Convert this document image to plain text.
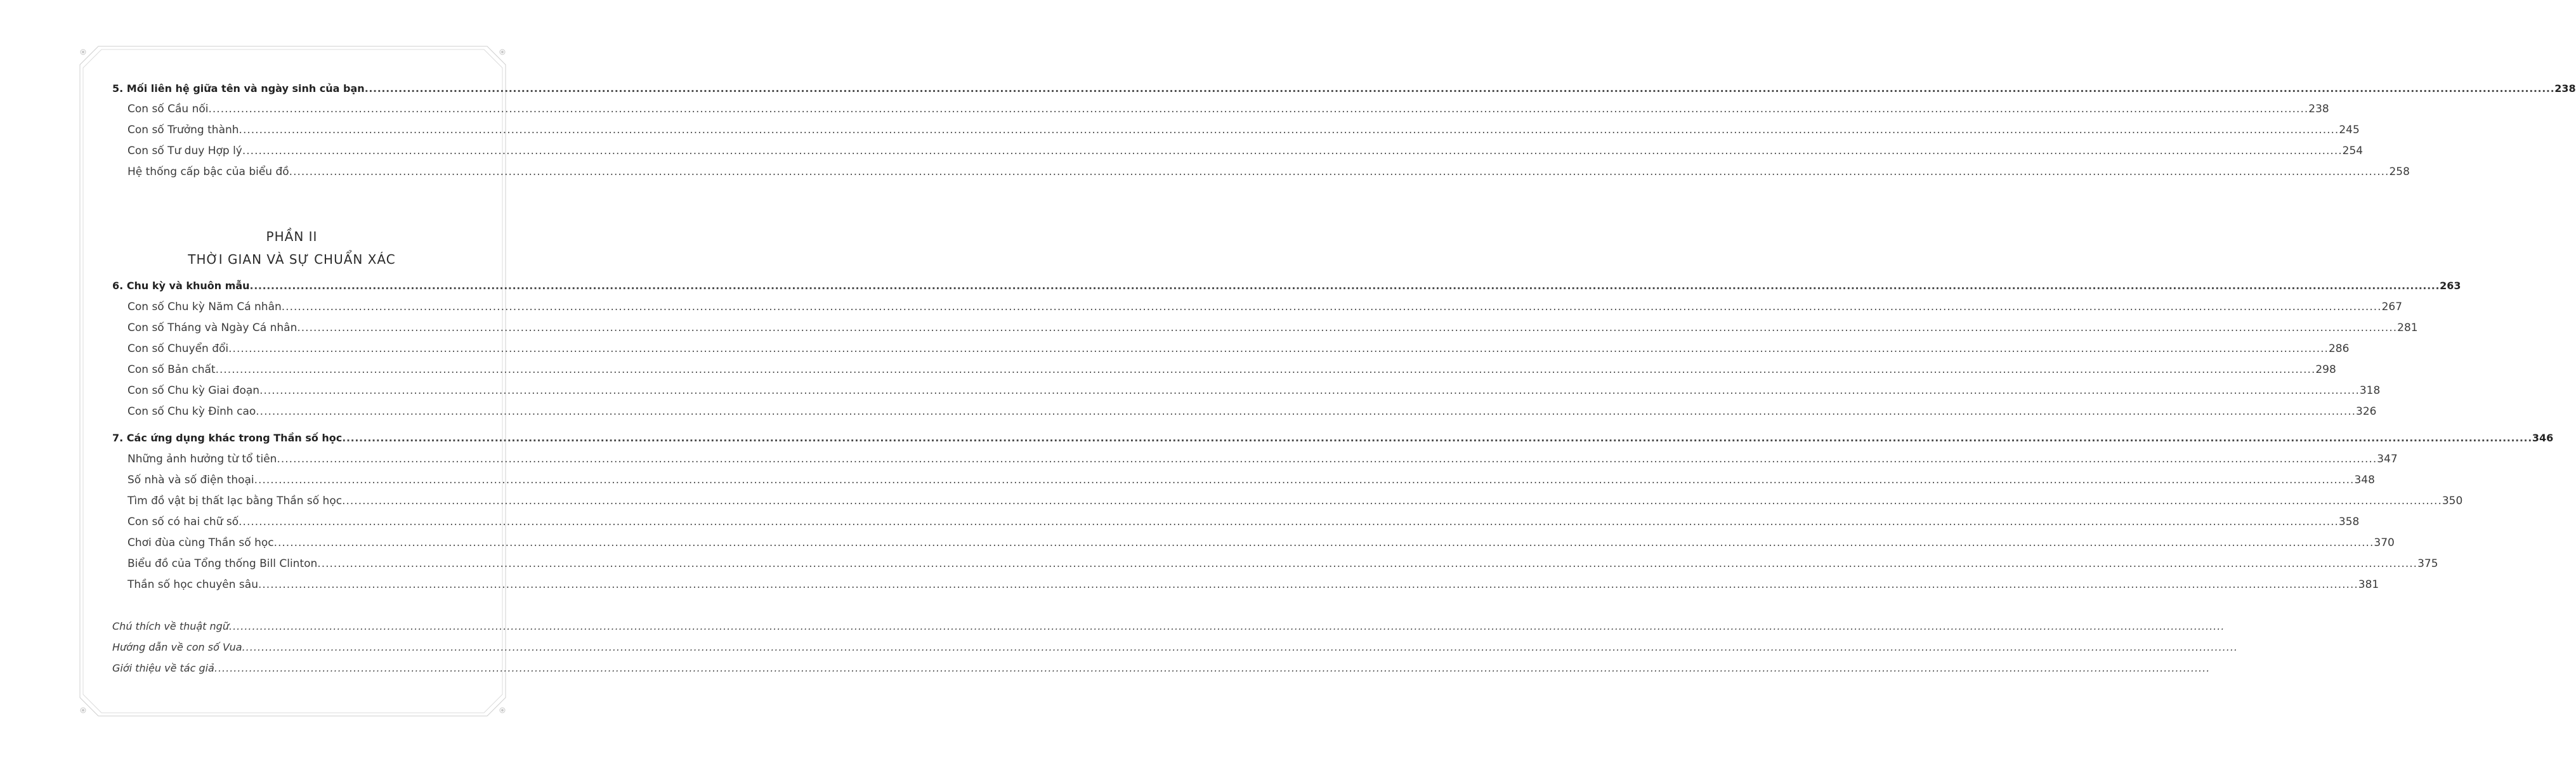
5. Mối liên hệ giữa tên và ngày sinh của bạn ..................................................................................................................................................................................................................................................................................................................................................................................................................................................................................................................................... 238
Con số Cầu nối ..................................................................................................................................................................................................................................................................................................................................................................................................................................................................................................................................... 238
Con số Trưởng thành ..................................................................................................................................................................................................................................................................................................................................................................................................................................................................................................................................... 245
Con số Tư duy Hợp lý ..................................................................................................................................................................................................................................................................................................................................................................................................................................................................................................................................... 254
Hệ thống cấp bậc của biểu đồ ..................................................................................................................................................................................................................................................................................................................................................................................................................................................................................................................................... 258
PHẦN II
THỜI GIAN VÀ SỰ CHUẨN XÁC
6. Chu kỳ và khuôn mẫu ..................................................................................................................................................................................................................................................................................................................................................................................................................................................................................................................................... 263
Con số Chu kỳ Năm Cá nhân ..................................................................................................................................................................................................................................................................................................................................................................................................................................................................................................................................... 267
Con số Tháng và Ngày Cá nhân ..................................................................................................................................................................................................................................................................................................................................................................................................................................................................................................................................... 281
Con số Chuyển đổi ..................................................................................................................................................................................................................................................................................................................................................................................................................................................................................................................................... 286
Con số Bản chất ..................................................................................................................................................................................................................................................................................................................................................................................................................................................................................................................................... 298
Con số Chu kỳ Giai đoạn ..................................................................................................................................................................................................................................................................................................................................................................................................................................................................................................................................... 318
Con số Chu kỳ Đỉnh cao ..................................................................................................................................................................................................................................................................................................................................................................................................................................................................................................................................... 326
7. Các ứng dụng khác trong Thần số học ..................................................................................................................................................................................................................................................................................................................................................................................................................................................................................................................................... 346
Những ảnh hưởng từ tổ tiên ..................................................................................................................................................................................................................................................................................................................................................................................................................................................................................................................................... 347
Số nhà và số điện thoại ..................................................................................................................................................................................................................................................................................................................................................................................................................................................................................................................................... 348
Tìm đồ vật bị thất lạc bằng Thần số học ..................................................................................................................................................................................................................................................................................................................................................................................................................................................................................................................................... 350
Con số có hai chữ số ..................................................................................................................................................................................................................................................................................................................................................................................................................................................................................................................................... 358
Chơi đùa cùng Thần số học ..................................................................................................................................................................................................................................................................................................................................................................................................................................................................................................................................... 370
Biểu đồ của Tổng thống Bill Clinton ..................................................................................................................................................................................................................................................................................................................................................................................................................................................................................................................................... 375
Thần số học chuyên sâu ..................................................................................................................................................................................................................................................................................................................................................................................................................................................................................................................................... 381
Chú thích về thuật ngữ .....................................................................................................................................................................................................................................................................................................................................................................................................................................................................................................................................
Hướng dẫn về con số Vua .....................................................................................................................................................................................................................................................................................................................................................................................................................................................................................................................................
Giới thiệu về tác giả .....................................................................................................................................................................................................................................................................................................................................................................................................................................................................................................................................
